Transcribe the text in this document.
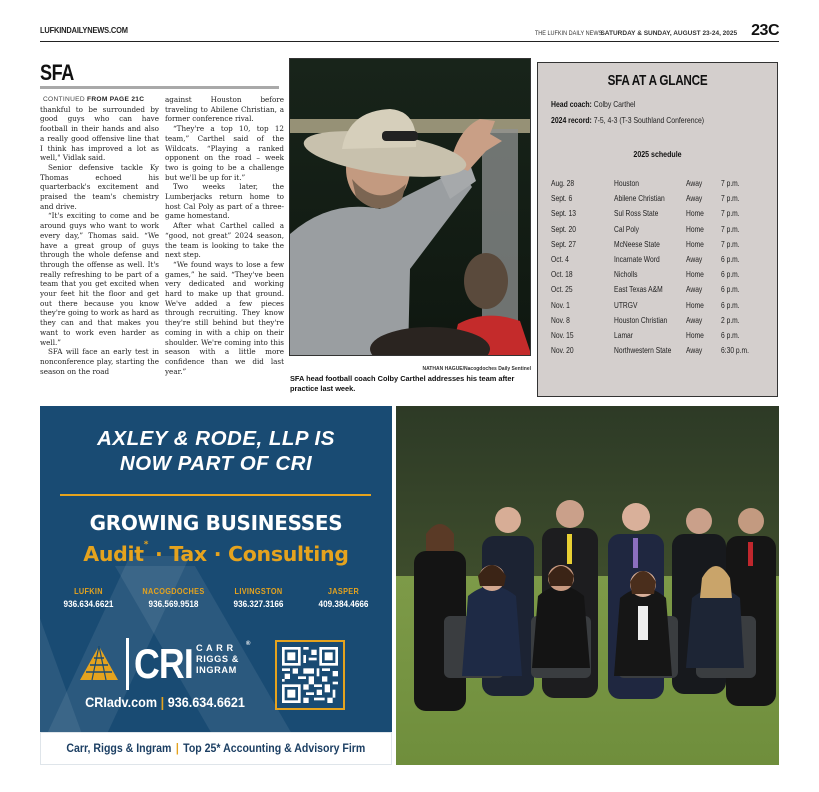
LUFKINDAILYNEWS.COM	THE LUFKIN DAILY NEWS
SATURDAY & SUNDAY, AUGUST 23-24, 2025 23C
SFA
CONTINUED FROM PAGE 21C

thankful to be surrounded by good guys who can have football in their hands and also a really good offensive line that I think has improved a lot as well," Vidlak said.

Senior defensive tackle Ky Thomas echoed his quarterback's excitement and praised the team's chemistry and drive.

“It's exciting to come and be around guys who want to work every day,” Thomas said. “We have a great group of guys through the whole defense and through the offense as well. It's really refreshing to be part of a team that you get excited when your feet hit the floor and get out there because you know they're going to work as hard as they can and that makes you want to work even harder as well.”

SFA will face an early test in nonconference play, starting the season on the road

against Houston before traveling to Abilene Christian, a former conference rival.

“They're a top 10, top 12 team,” Carthel said of the Wildcats. “Playing a ranked opponent on the road – week two is going to be a challenge but we'll be up for it.”

Two weeks later, the Lumberjacks return home to host Cal Poly as part of a three-game homestand.

After what Carthel called a “good, not great” 2024 season, the team is looking to take the next step.

“We found ways to lose a few games,” he said. “They've been very dedicated and working hard to make up that ground. We've added a few pieces through recruiting. They know they're still behind but they're coming in with a chip on their shoulder. We're coming into this season with a little more confidence than we did last year.”	NATHAN HAGUE/Nacogdoches Daily Sentinel
SFA head football coach Colby Carthel addresses his team after practice last week.
SFA AT A GLANCE
Head coach: Colby Carthel
2024 record: 7-5, 4-3 (T-3 Southland Conference)
2025 schedule
Aug. 28	Houston	Away 7 p.m.
Sept. 6	Abilene Christian Away 7 p.m.
Sept. 13	Sul Ross State	Home 7 p.m.
Sept. 20	Cal Poly	Home 7 p.m.
Sept. 27	McNeese State	Home 7 p.m.
Oct. 4	Incarnate Word	Away 6 p.m.
Oct. 18	Nicholls	Home 6 p.m.
Oct. 25	East Texas A&M	Away 6 p.m.
Nov. 1	UTRGV	Home 6 p.m.
Nov. 8	Houston Christian Away 2 p.m.
Nov. 15	Lamar	Home 6 p.m.
Nov. 20	Northwestern State Away 6:30 p.m.
AXLEY & RODE, LLP IS
NOW PART OF CRI
GROWING BUSINESSES
Audit* · Tax · Consulting
LUFKIN
936.634.6621
NACOGDOCHES
936.569.9518
LIVINGSTON
936.327.3166
JASPER
409.384.4666
CRI C A R R
RIGGS &
INGRAM
®
CRIadv.com | 936.634.6621
Carr, Riggs & Ingram | Top 25* Accounting & Advisory Firm
